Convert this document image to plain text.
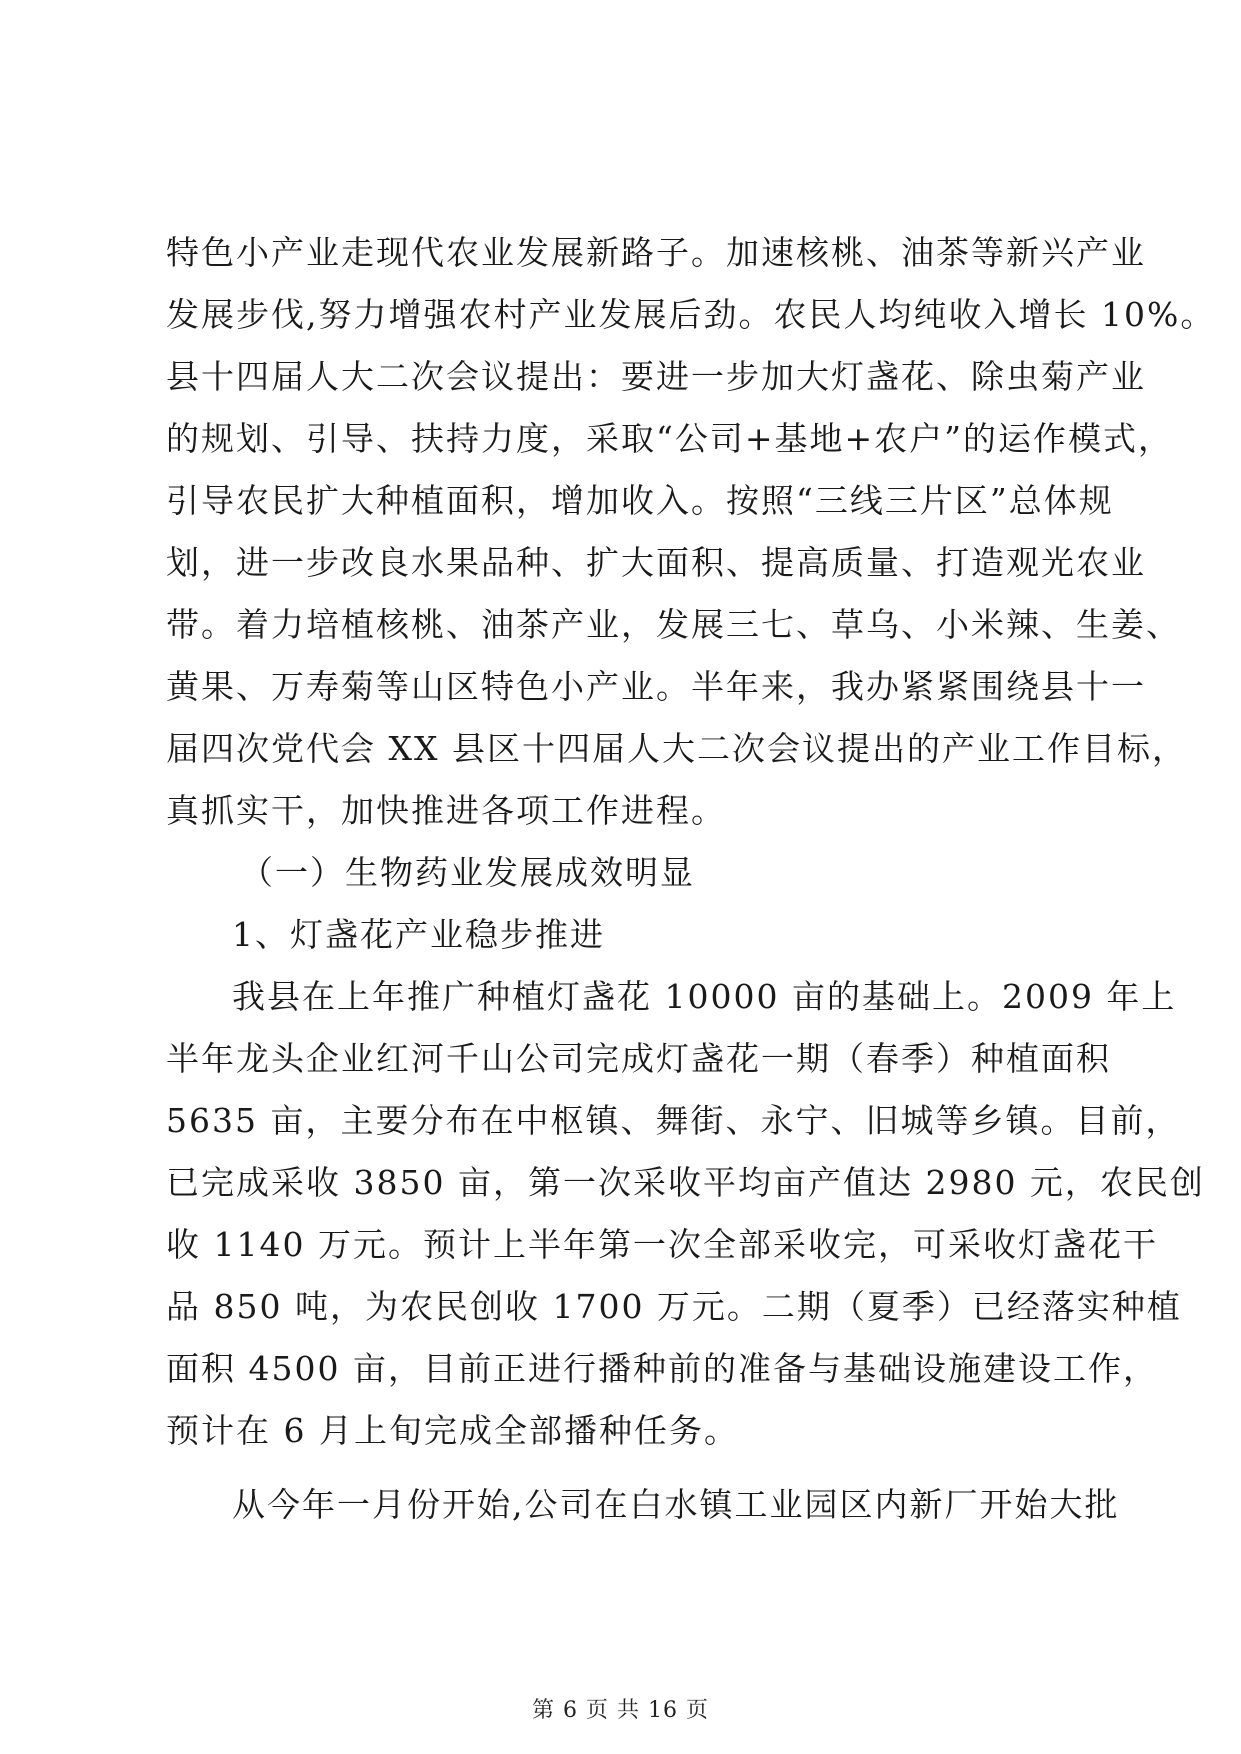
特色小产业走现代农业发展新路子。加速核桃、油茶等新兴产业
发展步伐,努力增强农村产业发展后劲。农民人均纯收入增长 10%。
县十四届人大二次会议提出：要进一步加大灯盏花、除虫菊产业
的规划、引导、扶持力度，采取“公司+基地+农户”的运作模式，
引导农民扩大种植面积，增加收入。按照“三线三片区”总体规
划，进一步改良水果品种、扩大面积、提高质量、打造观光农业
带。着力培植核桃、油茶产业，发展三七、草乌、小米辣、生姜、
黄果、万寿菊等山区特色小产业。半年来，我办紧紧围绕县十一
届四次党代会 XX 县区十四届人大二次会议提出的产业工作目标，
真抓实干，加快推进各项工作进程。
（一）生物药业发展成效明显
1、灯盏花产业稳步推进
我县在上年推广种植灯盏花 10000 亩的基础上。2009 年上
半年龙头企业红河千山公司完成灯盏花一期（春季）种植面积
5635 亩，主要分布在中枢镇、舞街、永宁、旧城等乡镇。目前，
已完成采收 3850 亩，第一次采收平均亩产值达 2980 元，农民创
收 1140 万元。预计上半年第一次全部采收完，可采收灯盏花干
品 850 吨，为农民创收 1700 万元。二期（夏季）已经落实种植
面积 4500 亩，目前正进行播种前的准备与基础设施建设工作，
预计在 6 月上旬完成全部播种任务。
从今年一月份开始,公司在白水镇工业园区内新厂开始大批
第 6 页 共 16 页
